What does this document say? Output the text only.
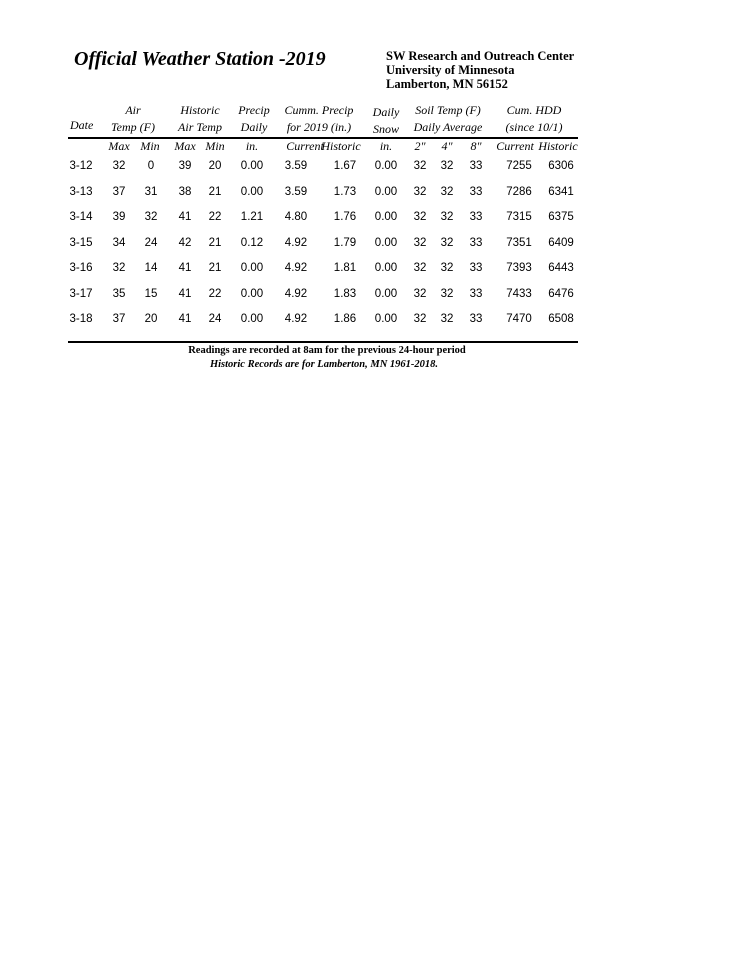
Official Weather Station -2019	SW Research and Outreach Center
University of Minnesota
Lamberton, MN 56152
Date
Air
Temp (F)
Historic
Air Temp
Precip
Daily
Cumm. Precip
for 2019 (in.)
Daily
Snow
Soil Temp (F)
Daily Average
Cum. HDD
(since 10/1)
Max Min Max Min in. Current
Historic in. 2" 4" 8" Current Historic
3-12 32 0 39 20 0.00 3.59 1.67 0.00 32 32 33 7255 6306
3-13 37 31 38 21 0.00 3.59 1.73 0.00 32 32 33 7286 6341
3-14 39 32 41 22 1.21 4.80 1.76 0.00 32 32 33 7315 6375
3-15 34 24 42 21 0.12 4.92 1.79 0.00 32 32 33 7351 6409
3-16 32 14 41 21 0.00 4.92 1.81 0.00 32 32 33 7393 6443
3-17 35 15 41 22 0.00 4.92 1.83 0.00 32 32 33 7433 6476
3-18 37 20 41 24 0.00 4.92 1.86 0.00 32 32 33 7470 6508
Readings are recorded at 8am for the previous 24-hour period
Historic Records are for Lamberton, MN 1961-2018.
